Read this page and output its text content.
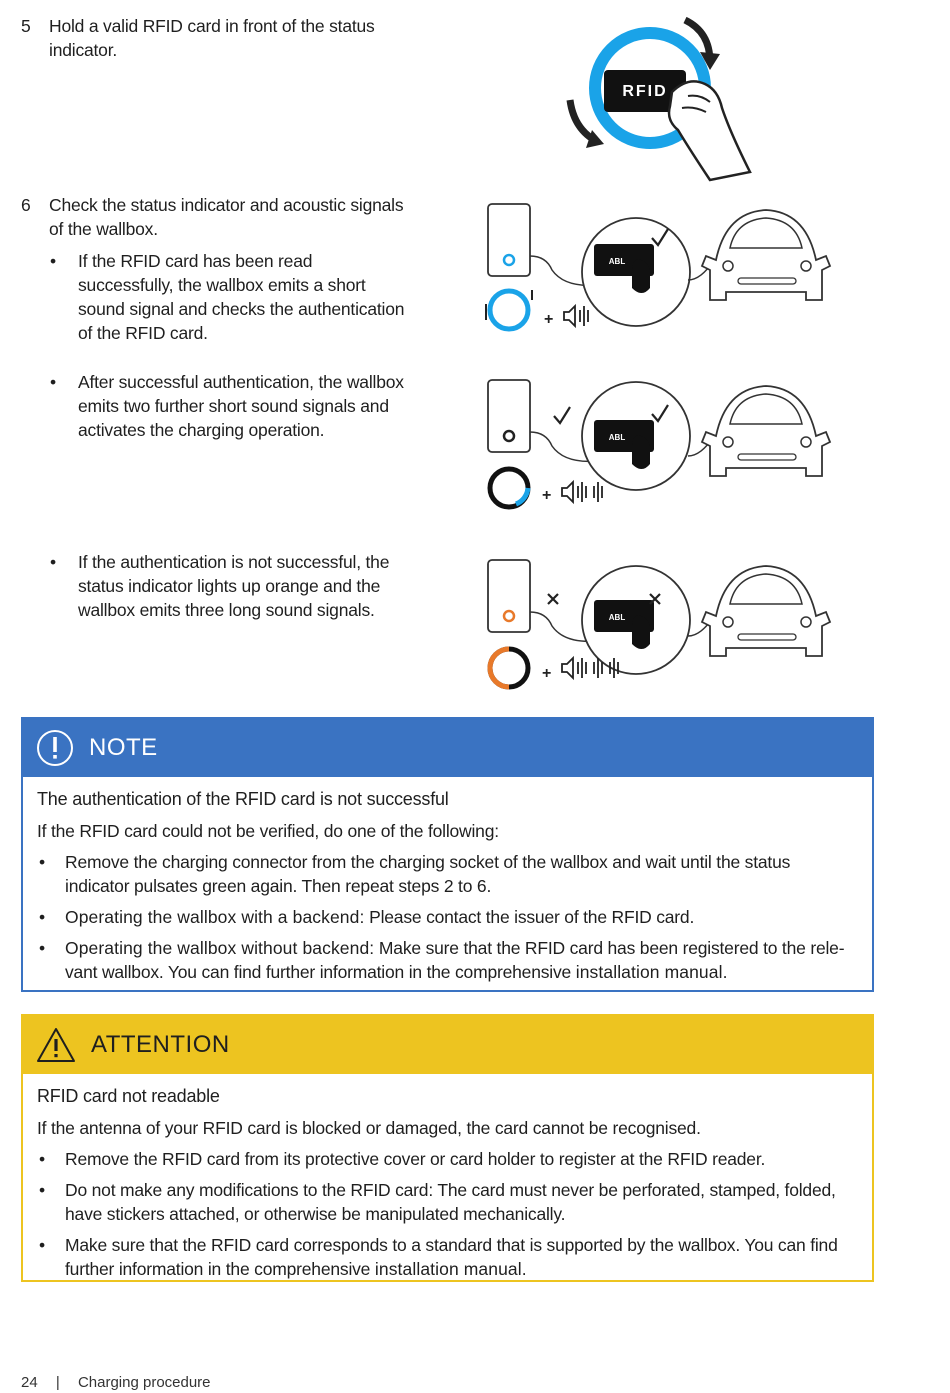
5 Hold a valid RFID card in front of the status indicator.
RFID
6 Check the status indicator and acoustic signals of the wallbox.
• If the RFID card has been read successfully, the wallbox emits a short sound signal and checks the authentication of the RFID card.
• After successful authentication, the wallbox emits two further short sound signals and activates the charging operation.
• If the authentication is not successful, the status indicator lights up orange and the wallbox emits three long sound signals.
ABL
+
ABL
+
ABL
+
NOTE
The authentication of the RFID card is not successful
If the RFID card could not be verified, do one of the following:
• Remove the charging connector from the charging socket of the wallbox and wait until the status indicator pulsates green again. Then repeat steps 2 to 6.
• Operating the wallbox with a backend: Please contact the issuer of the RFID card.
• Operating the wallbox without backend: Make sure that the RFID card has been registered to the rele-vant wallbox. You can find further information in the comprehensive installation manual.
ATTENTION
RFID card not readable
If the antenna of your RFID card is blocked or damaged, the card cannot be recognised.
• Remove the RFID card from its protective cover or card holder to register at the RFID reader.
• Do not make any modifications to the RFID card: The card must never be perforated, stamped, folded, have stickers attached, or otherwise be manipulated mechanically.
• Make sure that the RFID card corresponds to a standard that is supported by the wallbox. You can find further information in the comprehensive installation manual.
24 | Charging procedure
